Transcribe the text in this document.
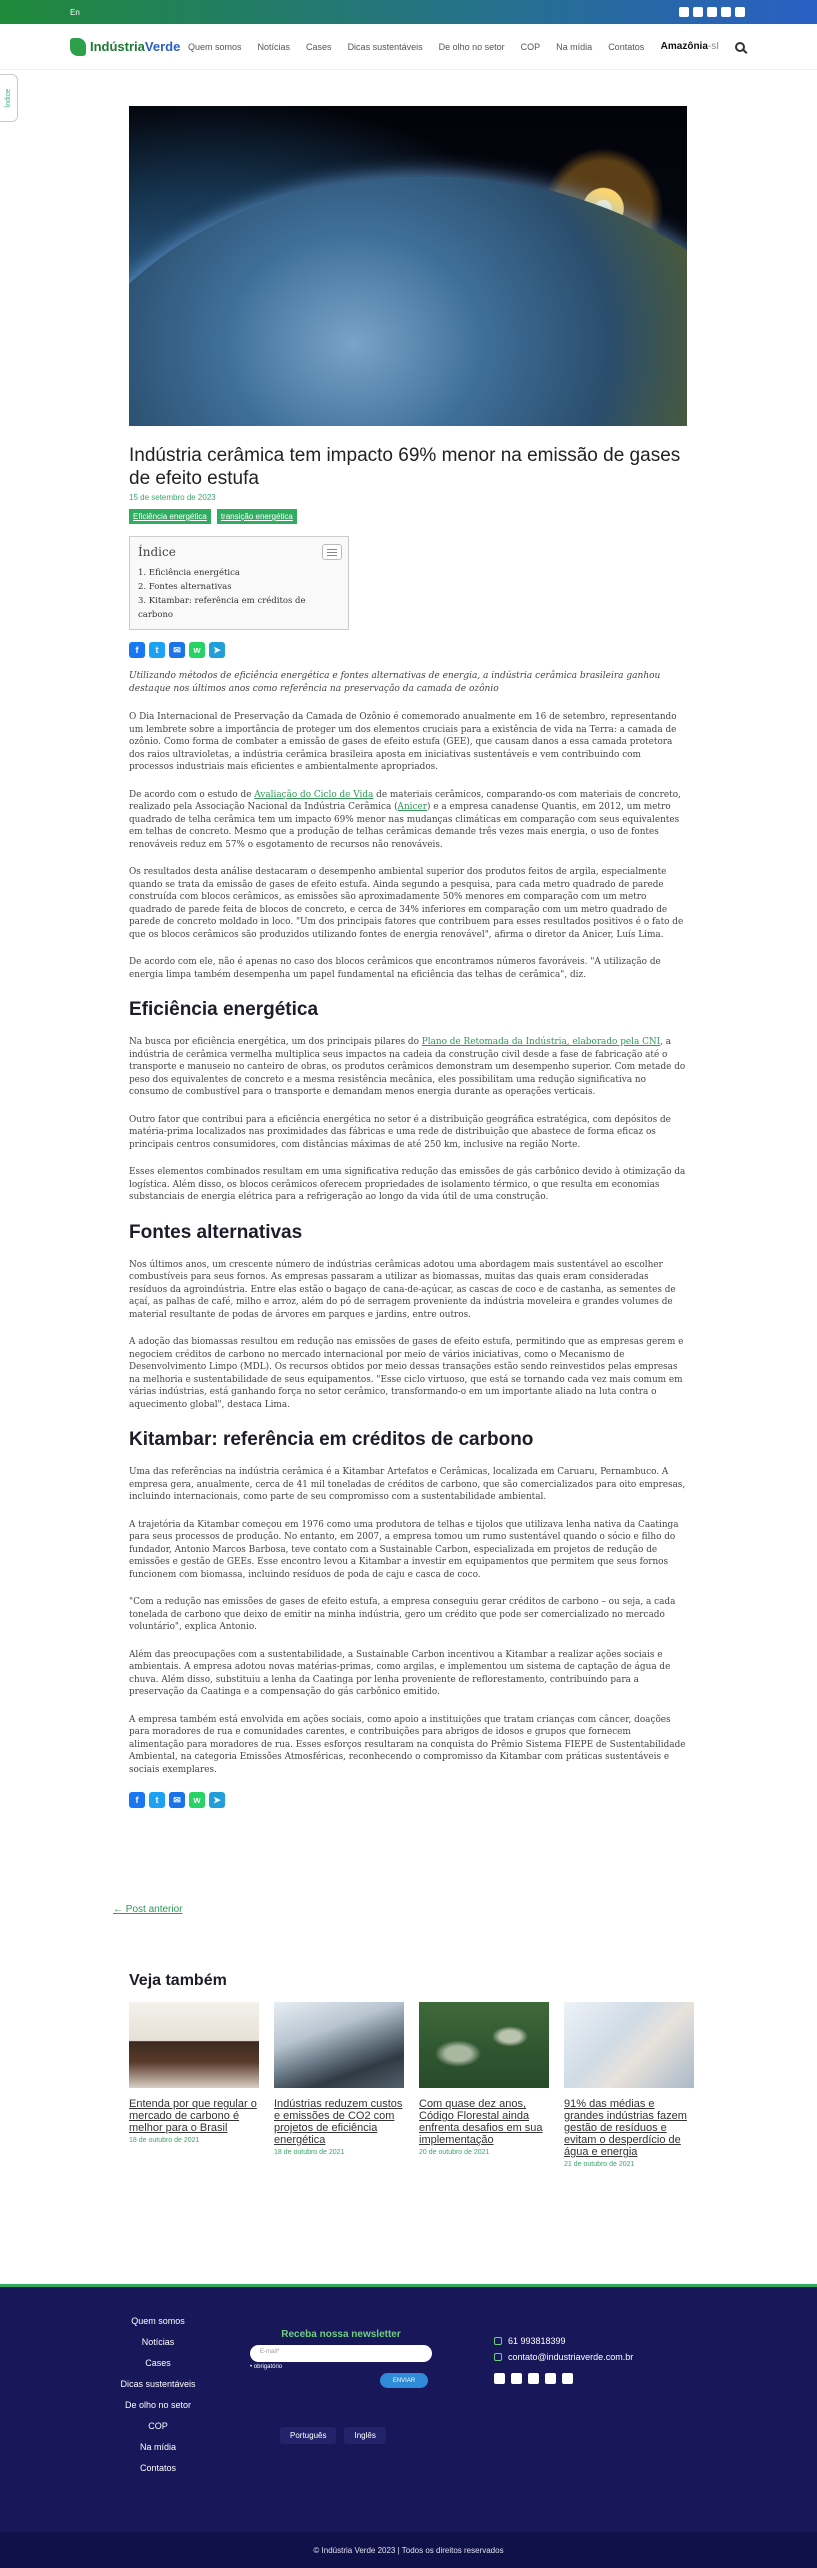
En
IndústriaVerde Quem somos Notícias Cases Dicas sustentáveis De olho no setor COP Na mídia Contatos Amazônia-sI
Índice
Indústria cerâmica tem impacto 69% menor na emissão de gases de efeito estufa
15 de setembro de 2023
Eficiência energética	transição energética
Índice
1. Eficiência energética
2. Fontes alternativas
3. Kitambar: referência em créditos de carbono
f	t	✉	w	➤

Utilizando métodos de eficiência energética e fontes alternativas de energia, a indústria cerâmica brasileira ganhou destaque nos últimos anos como referência na preservação da camada de ozônio

O Dia Internacional de Preservação da Camada de Ozônio é comemorado anualmente em 16 de setembro, representando um lembrete sobre a importância de proteger um dos elementos cruciais para a existência de vida na Terra: a camada de ozônio. Como forma de combater a emissão de gases de efeito estufa (GEE), que causam danos a essa camada protetora dos raios ultravioletas, a indústria cerâmica brasileira aposta em iniciativas sustentáveis e vem contribuindo com processos industriais mais eficientes e ambientalmente apropriados.

De acordo com o estudo de Avaliação do Ciclo de Vida de materiais cerâmicos, comparando-os com materiais de concreto, realizado pela Associação Nacional da Indústria Cerâmica (Anicer) e a empresa canadense Quantis, em 2012, um metro quadrado de telha cerâmica tem um impacto 69% menor nas mudanças climáticas em comparação com seus equivalentes em telhas de concreto. Mesmo que a produção de telhas cerâmicas demande três vezes mais energia, o uso de fontes renováveis reduz em 57% o esgotamento de recursos não renováveis.

Os resultados desta análise destacaram o desempenho ambiental superior dos produtos feitos de argila, especialmente quando se trata da emissão de gases de efeito estufa. Ainda segundo a pesquisa, para cada metro quadrado de parede construída com blocos cerâmicos, as emissões são aproximadamente 50% menores em comparação com um metro quadrado de parede feita de blocos de concreto, e cerca de 34% inferiores em comparação com um metro quadrado de parede de concreto moldado in loco. "Um dos principais fatores que contribuem para esses resultados positivos é o fato de que os blocos cerâmicos são produzidos utilizando fontes de energia renovável", afirma o diretor da Anicer, Luís Lima.

De acordo com ele, não é apenas no caso dos blocos cerâmicos que encontramos números favoráveis. "A utilização de energia limpa também desempenha um papel fundamental na eficiência das telhas de cerâmica", diz.

Eficiência energética

Na busca por eficiência energética, um dos principais pilares do Plano de Retomada da Indústria, elaborado pela CNI, a indústria de cerâmica vermelha multiplica seus impactos na cadeia da construção civil desde a fase de fabricação até o transporte e manuseio no canteiro de obras, os produtos cerâmicos demonstram um desempenho superior. Com metade do peso dos equivalentes de concreto e a mesma resistência mecânica, eles possibilitam uma redução significativa no consumo de combustível para o transporte e demandam menos energia durante as operações verticais.

Outro fator que contribui para a eficiência energética no setor é a distribuição geográfica estratégica, com depósitos de matéria-prima localizados nas proximidades das fábricas e uma rede de distribuição que abastece de forma eficaz os principais centros consumidores, com distâncias máximas de até 250 km, inclusive na região Norte.

Esses elementos combinados resultam em uma significativa redução das emissões de gás carbônico devido à otimização da logística. Além disso, os blocos cerâmicos oferecem propriedades de isolamento térmico, o que resulta em economias substanciais de energia elétrica para a refrigeração ao longo da vida útil de uma construção.

Fontes alternativas

Nos últimos anos, um crescente número de indústrias cerâmicas adotou uma abordagem mais sustentável ao escolher combustíveis para seus fornos. As empresas passaram a utilizar as biomassas, muitas das quais eram consideradas resíduos da agroindústria. Entre elas estão o bagaço de cana-de-açúcar, as cascas de coco e de castanha, as sementes de açaí, as palhas de café, milho e arroz, além do pó de serragem proveniente da indústria moveleira e grandes volumes de material resultante de podas de árvores em parques e jardins, entre outros.

A adoção das biomassas resultou em redução nas emissões de gases de efeito estufa, permitindo que as empresas gerem e negociem créditos de carbono no mercado internacional por meio de vários iniciativas, como o Mecanismo de Desenvolvimento Limpo (MDL). Os recursos obtidos por meio dessas transações estão sendo reinvestidos pelas empresas na melhoria e sustentabilidade de seus equipamentos. "Esse ciclo virtuoso, que está se tornando cada vez mais comum em várias indústrias, está ganhando força no setor cerâmico, transformando-o em um importante aliado na luta contra o aquecimento global", destaca Lima.

Kitambar: referência em créditos de carbono

Uma das referências na indústria cerâmica é a Kitambar Artefatos e Cerâmicas, localizada em Caruaru, Pernambuco. A empresa gera, anualmente, cerca de 41 mil toneladas de créditos de carbono, que são comercializados para oito empresas, incluindo internacionais, como parte de seu compromisso com a sustentabilidade ambiental.

A trajetória da Kitambar começou em 1976 como uma produtora de telhas e tijolos que utilizava lenha nativa da Caatinga para seus processos de produção. No entanto, em 2007, a empresa tomou um rumo sustentável quando o sócio e filho do fundador, Antonio Marcos Barbosa, teve contato com a Sustainable Carbon, especializada em projetos de redução de emissões e gestão de GEEs. Esse encontro levou a Kitambar a investir em equipamentos que permitem que seus fornos funcionem com biomassa, incluindo resíduos de poda de caju e casca de coco.

"Com a redução nas emissões de gases de efeito estufa, a empresa conseguiu gerar créditos de carbono – ou seja, a cada tonelada de carbono que deixo de emitir na minha indústria, gero um crédito que pode ser comercializado no mercado voluntário", explica Antonio.

Além das preocupações com a sustentabilidade, a Sustainable Carbon incentivou a Kitambar a realizar ações sociais e ambientais. A empresa adotou novas matérias-primas, como argilas, e implementou um sistema de captação de água de chuva. Além disso, substituiu a lenha da Caatinga por lenha proveniente de reflorestamento, contribuindo para a preservação da Caatinga e a compensação do gás carbônico emitido.

A empresa também está envolvida em ações sociais, como apoio a instituições que tratam crianças com câncer, doações para moradores de rua e comunidades carentes, e contribuições para abrigos de idosos e grupos que fornecem alimentação para moradores de rua. Esses esforços resultaram na conquista do Prêmio Sistema FIEPE de Sustentabilidade Ambiental, na categoria Emissões Atmosféricas, reconhecendo o compromisso da Kitambar com práticas sustentáveis e sociais exemplares.

f	t	✉	w	➤
← Post anterior
Veja também
Entenda por que regular o mercado de carbono é melhor para o Brasil
18 de outubro de 2021
Indústrias reduzem custos e emissões de CO2 com projetos de eficiência energética
18 de outubro de 2021
Com quase dez anos, Código Florestal ainda enfrenta desafios em sua implementação
20 de outubro de 2021
91% das médias e grandes indústrias fazem gestão de resíduos e evitam o desperdício de água e energia
21 de outubro de 2021
Quem somos
Notícias
Cases
Dicas sustentáveis
De olho no setor
COP
Na mídia
Contatos
Receba nossa newsletter
E-mail*
• obrigatório
ENVIAR
Português	Inglês
61 993818399
contato@industriaverde.com.br
© Indústria Verde 2023 | Todos os direitos reservados
